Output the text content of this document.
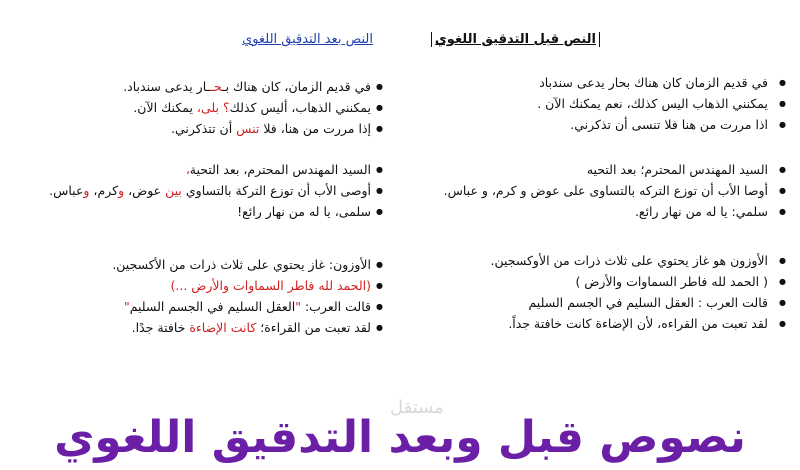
النص بعد التدقيق اللغوي
● في قديم الزمان، كان هناك بـحــار يدعى سندباد.
● يمكنني الذهاب، أليس كذلك؟ بلى، يمكنك الآن.
● إذا مررت من هنا، فلا تنس أن تتذكرني.
● السيد المهندس المحترم، بعد التحية،
● أوصى الأب أن توزع التركة بالتساوي بين عوض، وكرم، وعباس.
● سلمى، يا له من نهار رائع!
● الأوزون: غاز يحتوي على ثلاث ذرات من الكسجين.
● (الحمد لله فاطر السماوات والأرض ...)
● قالت العرب: "العقل السليم في الجسم السليم"
● لقد تعبت من القراءة؛ كانت الإضاءة خافتة جدًا.
النص قبل التدقيق اللغوي
● في قديم الزمان كان هناك بحار يدعى سندباد
● يمكنني الذهاب اليس كذلك، نعم يمكنك الآن .
● اذا مررت من هنا فلا تنسى أن تذكرني.
● السيد المهندس المحترم؛ بعد التحيه
● أوصا الأب أن توزع التركه بالتساوى على عوض و كرم، و عباس.
● سلمي: يا له من نهار رائع.
● الأوزون هو غاز يحتوي على ثلاث ذرات من الأوكسجين.
● ( الحمد لله فاطر السماوات والأرض )
● قالت العرب : العقل السليم في الجسم السليم
● لقد تعبت من القراءه، لأن الإضاءة كانت خافتة جداً.
مستقل
نصوص قبل وبعد التدقيق اللغوي
